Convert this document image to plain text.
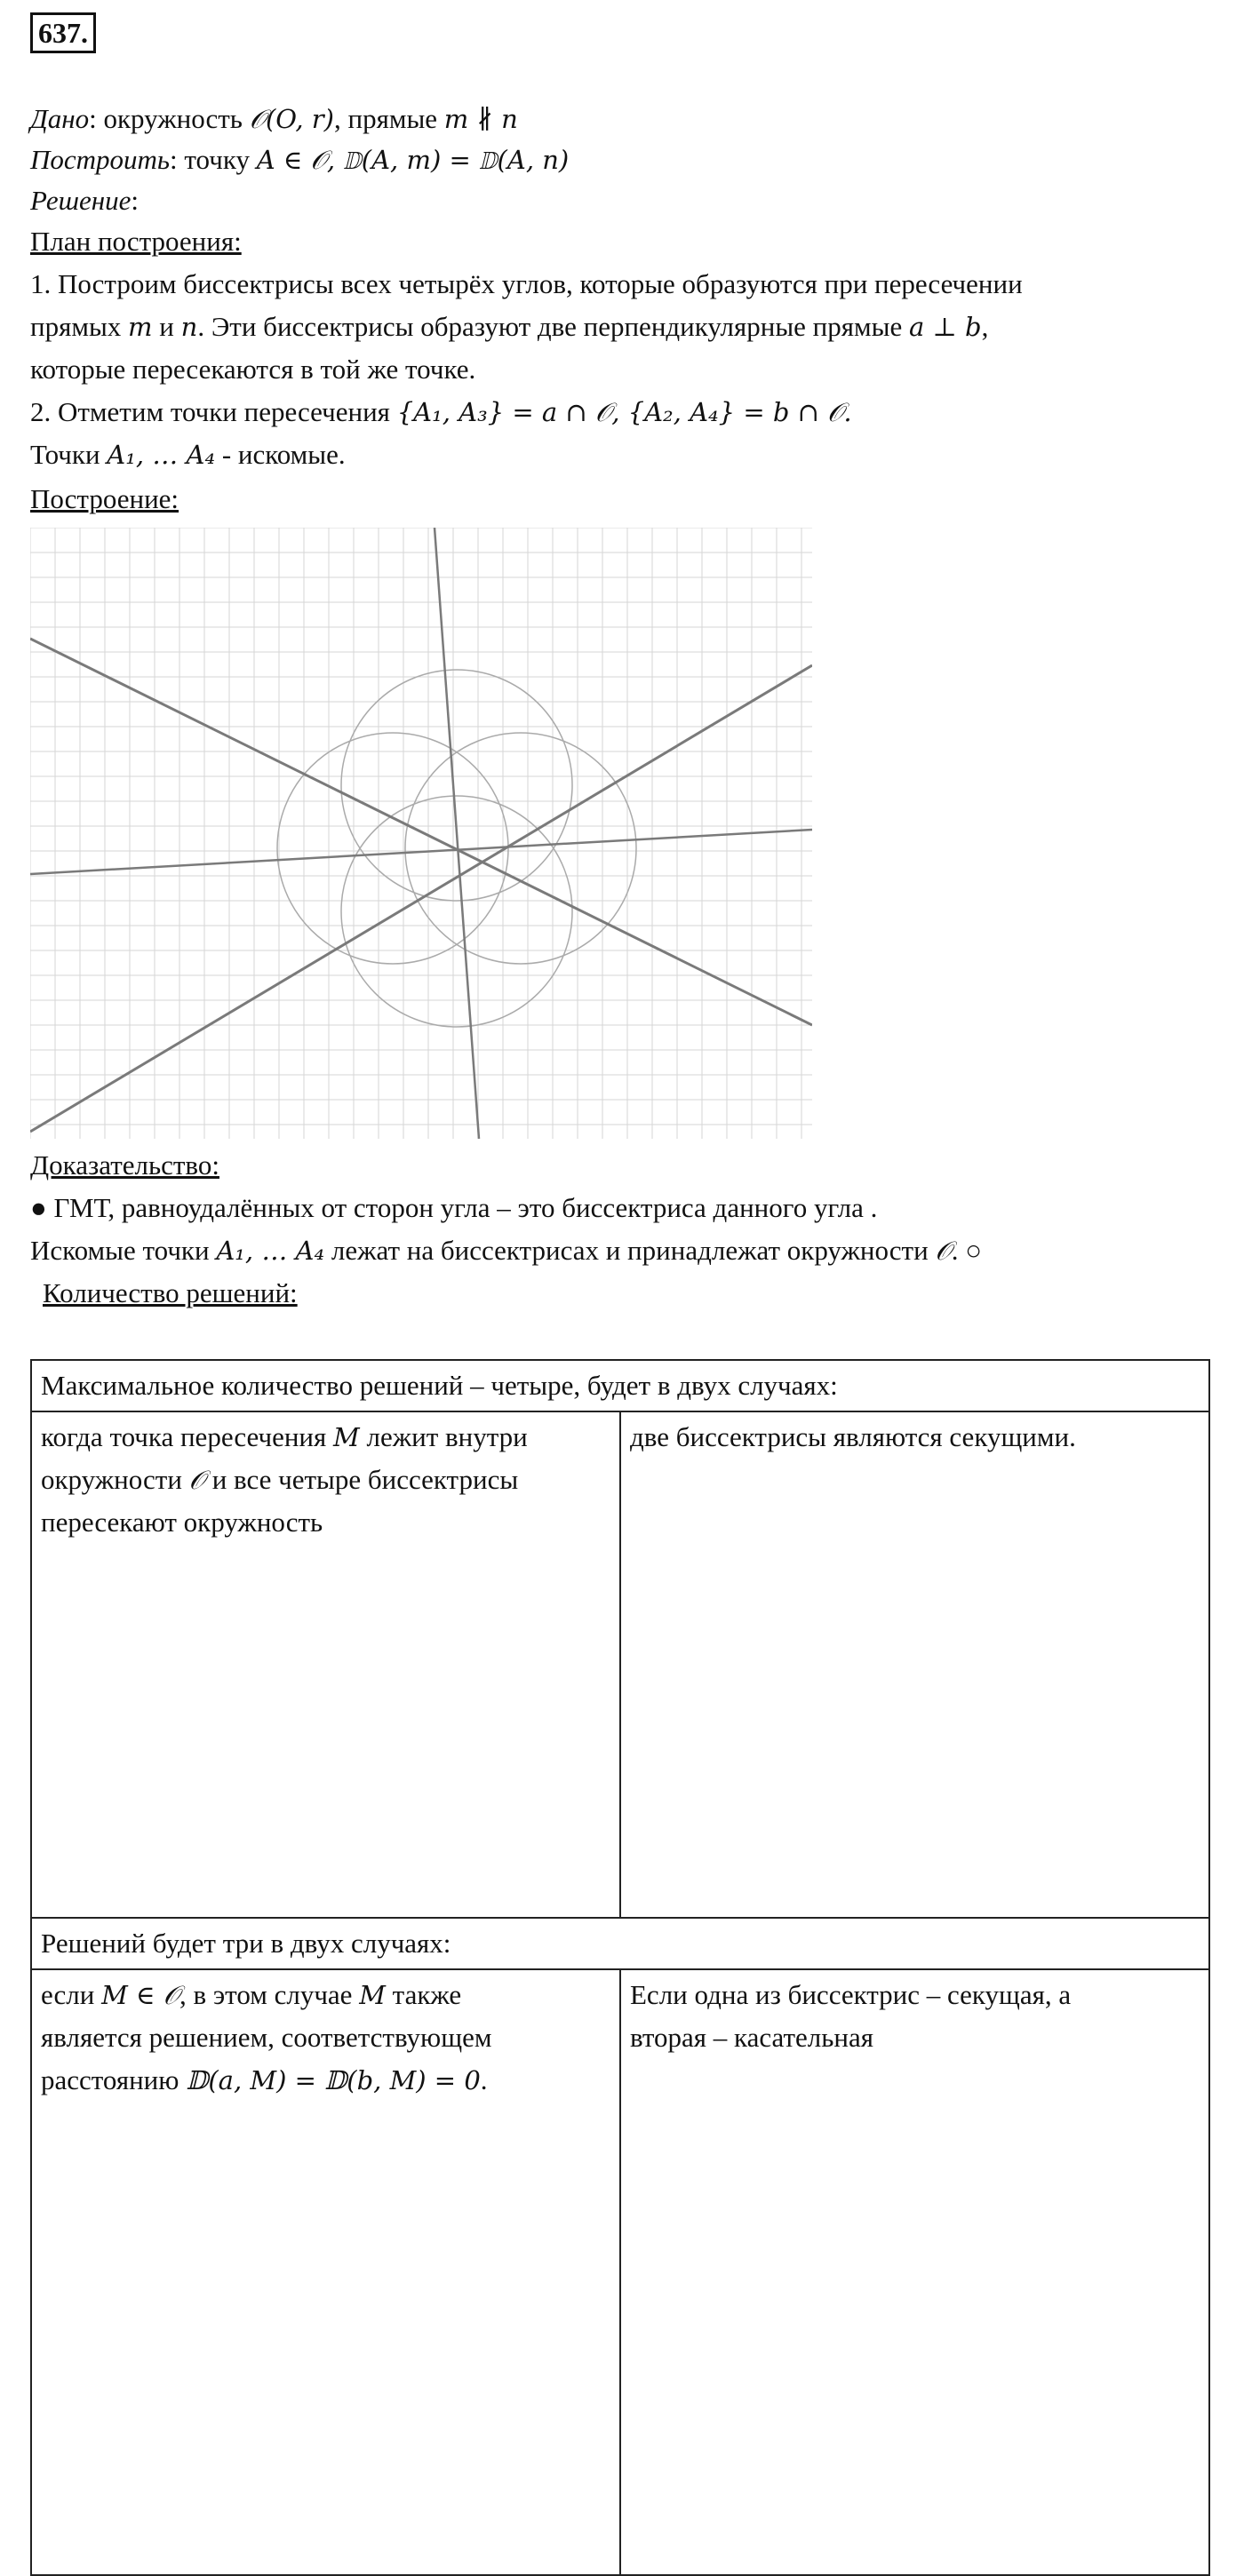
637.
Дано: окружность 𝒪(O, r), прямые m ∦ n
Построить: точку A ∈ 𝒪, 𝔻(A, m) = 𝔻(A, n)
Решение:
План построения:
1. Построим биссектрисы всех четырёх углов, которые образуются при пересечении
прямых m и n. Эти биссектрисы образуют две перпендикулярные прямые a ⊥ b,
которые пересекаются в той же точке.
2. Отметим точки пересечения {A₁, A₃} = a ∩ 𝒪, {A₂, A₄} = b ∩ 𝒪.
Точки A₁, … A₄ - искомые.
Построение:
Доказательство:
● ГМТ, равноудалённых от сторон угла – это биссектриса данного угла .
Искомые точки A₁, … A₄ лежат на биссектрисах и принадлежат окружности 𝒪. ○
Количество решений:
Максимальное количество решений – четыре, будет в двух случаях:	

когда точка пересечения M лежит внутри
окружности 𝒪 и все четыре биссектрисы
пересекают окружность	две биссектрисы являются секущими.

Решений будет три в двух случаях:	

если M ∈ 𝒪, в этом случае M также
является решением, соответствующем
расстоянию 𝔻(a, M) = 𝔻(b, M) = 0.	Если одна из биссектрис – секущая, а
вторая – касательная
